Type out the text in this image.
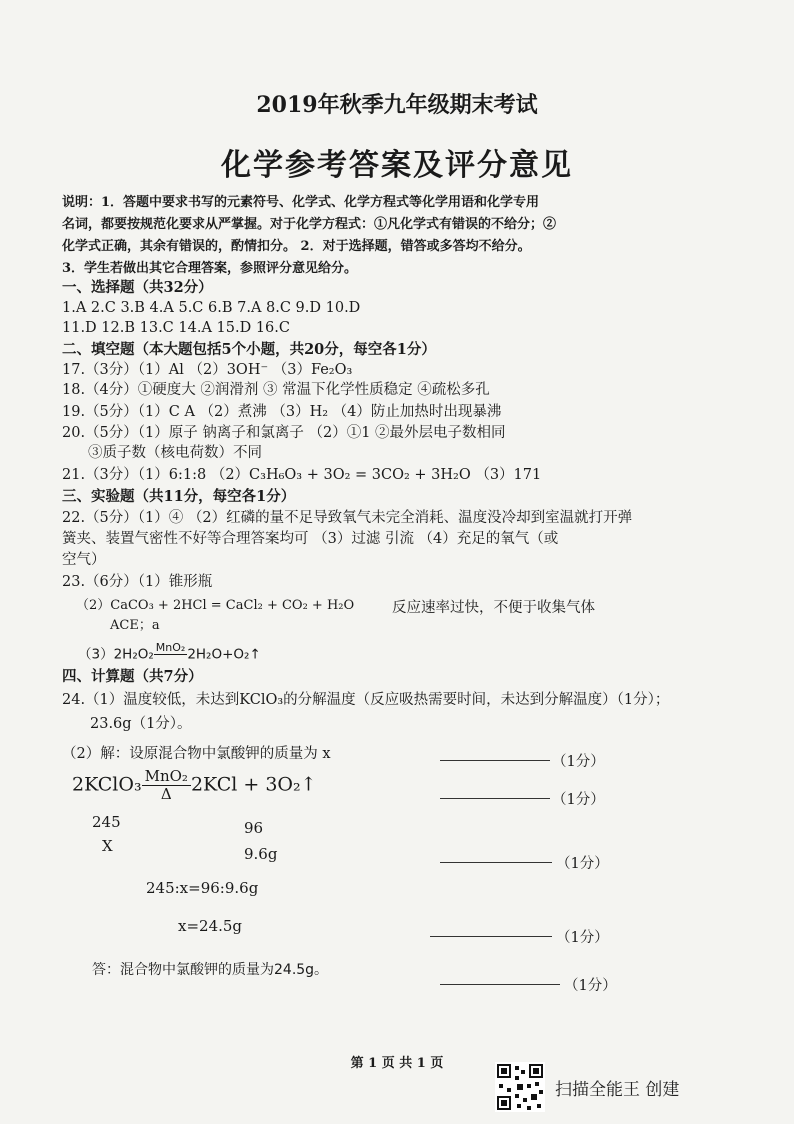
2019年秋季九年级期末考试
化学参考答案及评分意见
说明：1．答题中要求书写的元素符号、化学式、化学方程式等化学用语和化学专用
名词，都要按规范化要求从严掌握。对于化学方程式：①凡化学式有错误的不给分；②
化学式正确，其余有错误的，酌情扣分。 2．对于选择题，错答或多答均不给分。
3．学生若做出其它合理答案，参照评分意见给分。
一、选择题（共32分）
1.A 2.C 3.B 4.A 5.C 6.B 7.A 8.C 9.D 10.D
11.D 12.B 13.C 14.A 15.D 16.C
二、填空题（本大题包括5个小题，共20分，每空各1分）
17.（3分）（1）Al （2）3OH⁻ （3）Fe₂O₃
18.（4分）①硬度大 ②润滑剂 ③ 常温下化学性质稳定 ④疏松多孔
19.（5分）（1）C A （2）煮沸 （3）H₂ （4）防止加热时出现暴沸
20.（5分）（1）原子 钠离子和氯离子 （2）①1 ②最外层电子数相同
③质子数（核电荷数）不同
21.（3分）（1）6:1:8 （2）C₃H₆O₃ + 3O₂ = 3CO₂ + 3H₂O （3）171
三、实验题（共11分，每空各1分）
22.（5分）（1）④ （2）红磷的量不足导致氧气未完全消耗、温度没冷却到室温就打开弹
簧夹、装置气密性不好等合理答案均可 （3）过滤 引流 （4）充足的氧气（或
空气）
23.（6分）（1）锥形瓶
（2）CaCO₃ + 2HCl = CaCl₂ + CO₂ + H₂O	反应速率过快，不便于收集气体
ACE；a
（3）2H₂O₂ MnO₂
2H₂O+O₂↑
四、计算题（共7分）
24.（1）温度较低，未达到KClO₃的分解温度（反应吸热需要时间，未达到分解温度）（1分）；
23.6g（1分）。
（2）解：设原混合物中氯酸钾的质量为 x	（1分）
2KClO₃ MnO₂
Δ	2KCl + 3O₂↑
（1分）
245	96
X	9.6g
（1分）
245:x=96:9.6g
x=24.5g
（1分）
答：混合物中氯酸钾的质量为24.5g。
（1分）
第 1 页 共 1 页
扫描全能王 创建
